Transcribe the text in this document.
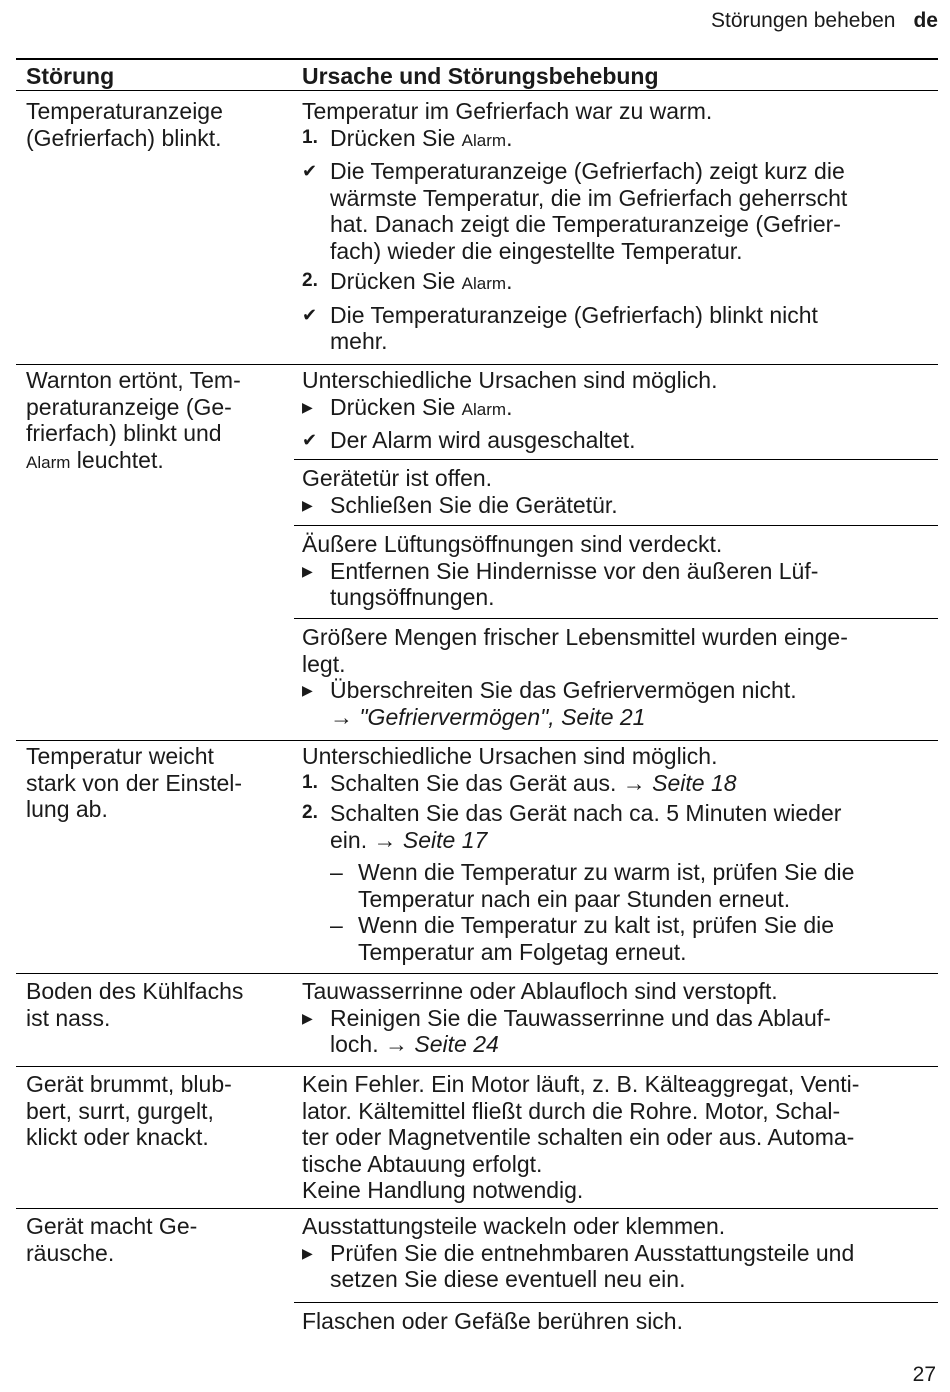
Störungen beheben de
Störung	Ursache und Störungsbehebung
Temperaturanzeige
(Gefrierfach) blinkt.
Temperatur im Gefrierfach war zu warm.
1. Drücken Sie Alarm.
✔ Die Temperaturanzeige (Gefrierfach) zeigt kurz die
wärmste Temperatur, die im Gefrierfach geherrscht
hat. Danach zeigt die Temperaturanzeige (Gefrier-
fach) wieder die eingestellte Temperatur.
2. Drücken Sie Alarm.
✔ Die Temperaturanzeige (Gefrierfach) blinkt nicht
mehr.
Warnton ertönt, Tem-
peraturanzeige (Ge-
frierfach) blinkt und
Alarm leuchtet.
Unterschiedliche Ursachen sind möglich.
▶ Drücken Sie Alarm.
✔ Der Alarm wird ausgeschaltet.
Gerätetür ist offen.
▶ Schließen Sie die Gerätetür.
Äußere Lüftungsöffnungen sind verdeckt.
▶ Entfernen Sie Hindernisse vor den äußeren Lüf-
tungsöffnungen.
Größere Mengen frischer Lebensmittel wurden einge-
legt.
▶ Überschreiten Sie das Gefriervermögen nicht.
→ "Gefriervermögen", Seite 21
Temperatur weicht
stark von der Einstel-
lung ab.
Unterschiedliche Ursachen sind möglich.
1. Schalten Sie das Gerät aus. → Seite 18
2. Schalten Sie das Gerät nach ca. 5 Minuten wieder
ein. → Seite 17
– Wenn die Temperatur zu warm ist, prüfen Sie die
Temperatur nach ein paar Stunden erneut.
– Wenn die Temperatur zu kalt ist, prüfen Sie die
Temperatur am Folgetag erneut.
Boden des Kühlfachs
ist nass.
Tauwasserrinne oder Ablaufloch sind verstopft.
▶ Reinigen Sie die Tauwasserrinne und das Ablauf-
loch. → Seite 24
Gerät brummt, blub-
bert, surrt, gurgelt,
klickt oder knackt.
Kein Fehler. Ein Motor läuft, z. B. Kälteaggregat, Venti-
lator. Kältemittel fließt durch die Rohre. Motor, Schal-
ter oder Magnetventile schalten ein oder aus. Automa-
tische Abtauung erfolgt.
Keine Handlung notwendig.
Gerät macht Ge-
räusche.
Ausstattungsteile wackeln oder klemmen.
▶ Prüfen Sie die entnehmbaren Ausstattungsteile und
setzen Sie diese eventuell neu ein.
Flaschen oder Gefäße berühren sich.
27
